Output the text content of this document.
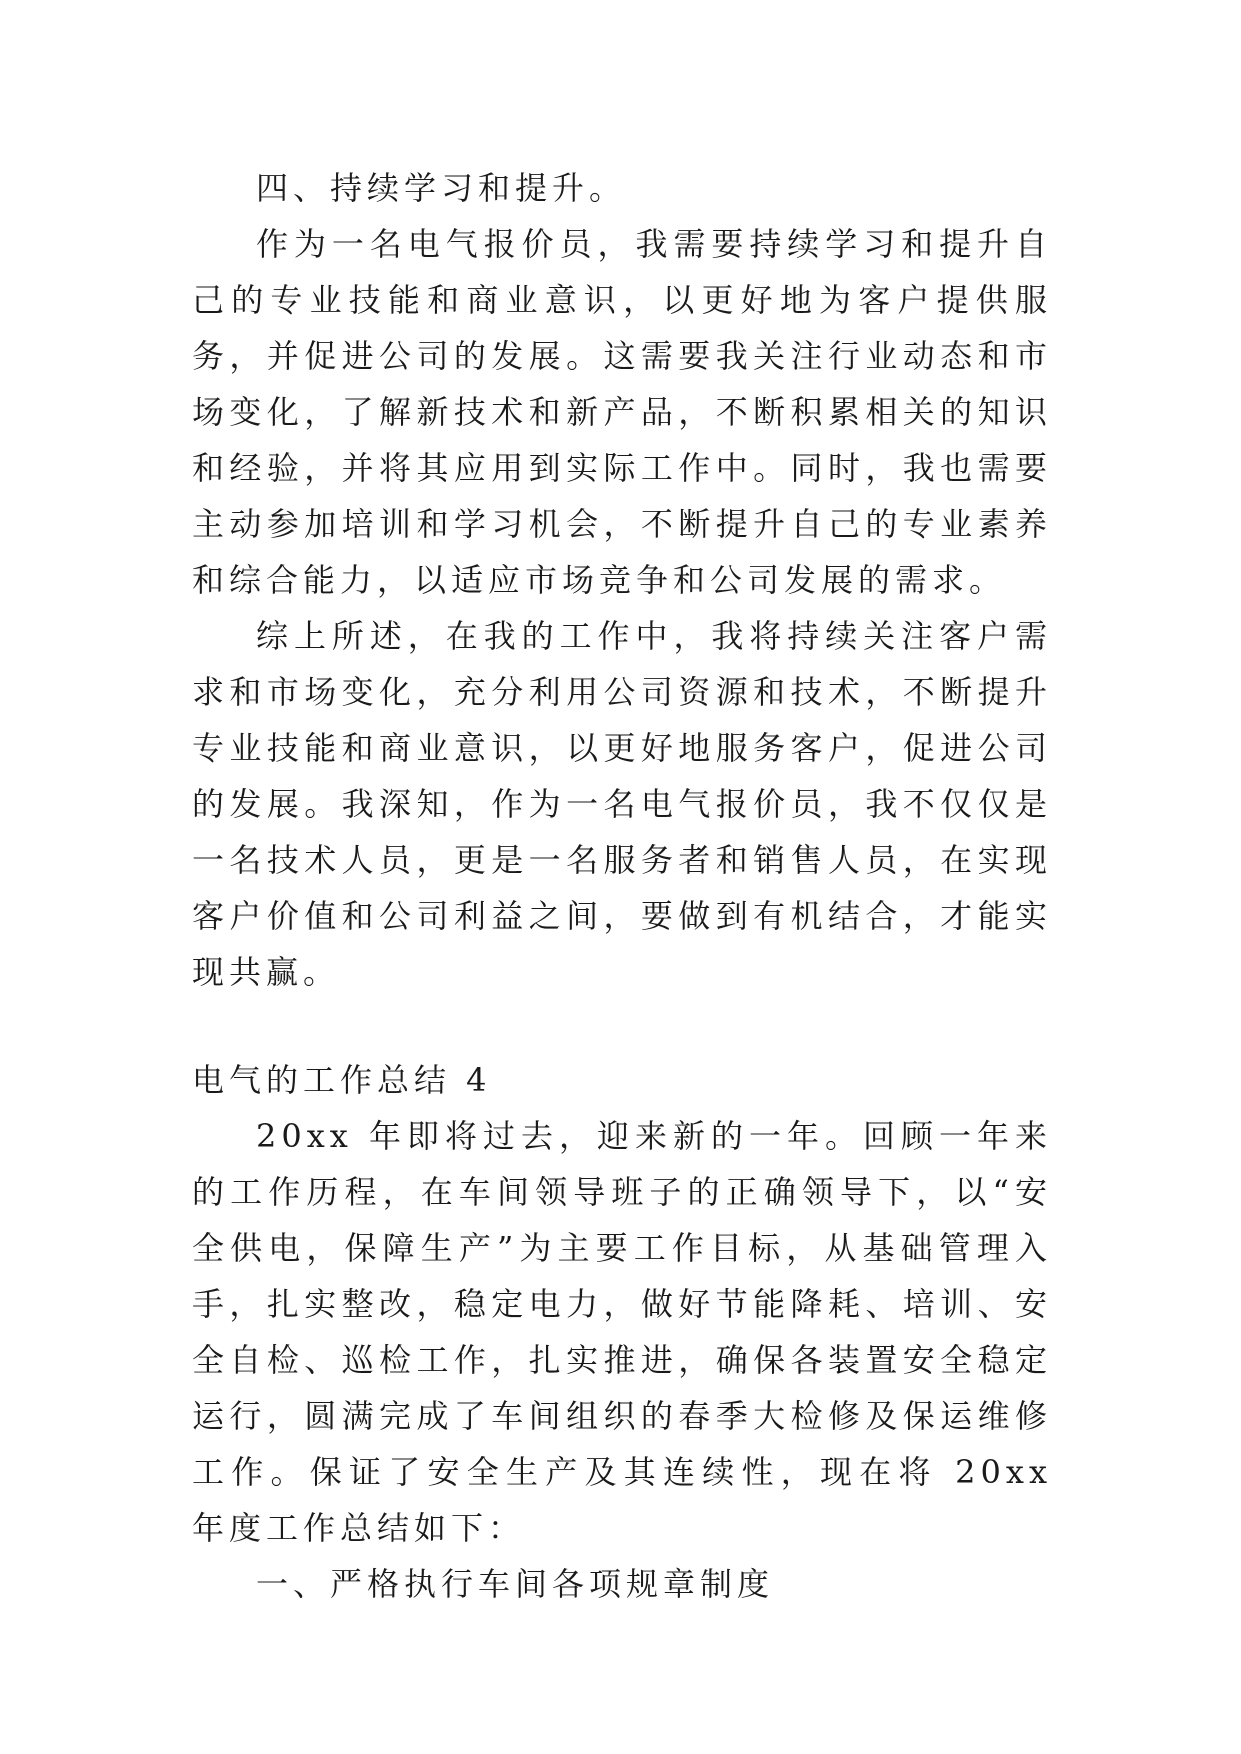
四、持续学习和提升。

作为一名电气报价员，我需要持续学习和提升自己的专业技能和商业意识，以更好地为客户提供服务，并促进公司的发展。这需要我关注行业动态和市场变化，了解新技术和新产品，不断积累相关的知识和经验，并将其应用到实际工作中。同时，我也需要主动参加培训和学习机会，不断提升自己的专业素养和综合能力，以适应市场竞争和公司发展的需求。

综上所述，在我的工作中，我将持续关注客户需求和市场变化，充分利用公司资源和技术，不断提升专业技能和商业意识，以更好地服务客户，促进公司的发展。我深知，作为一名电气报价员，我不仅仅是一名技术人员，更是一名服务者和销售人员，在实现客户价值和公司利益之间，要做到有机结合，才能实现共赢。

电气的工作总结 4

20xx 年即将过去，迎来新的一年。回顾一年来的工作历程，在车间领导班子的正确领导下，以“安全供电，保障生产”为主要工作目标，从基础管理入手，扎实整改，稳定电力，做好节能降耗、培训、安全自检、巡检工作，扎实推进，确保各装置安全稳定运行，圆满完成了车间组织的春季大检修及保运维修工作。保证了安全生产及其连续性，现在将 20xx 年度工作总结如下：

一、严格执行车间各项规章制度
